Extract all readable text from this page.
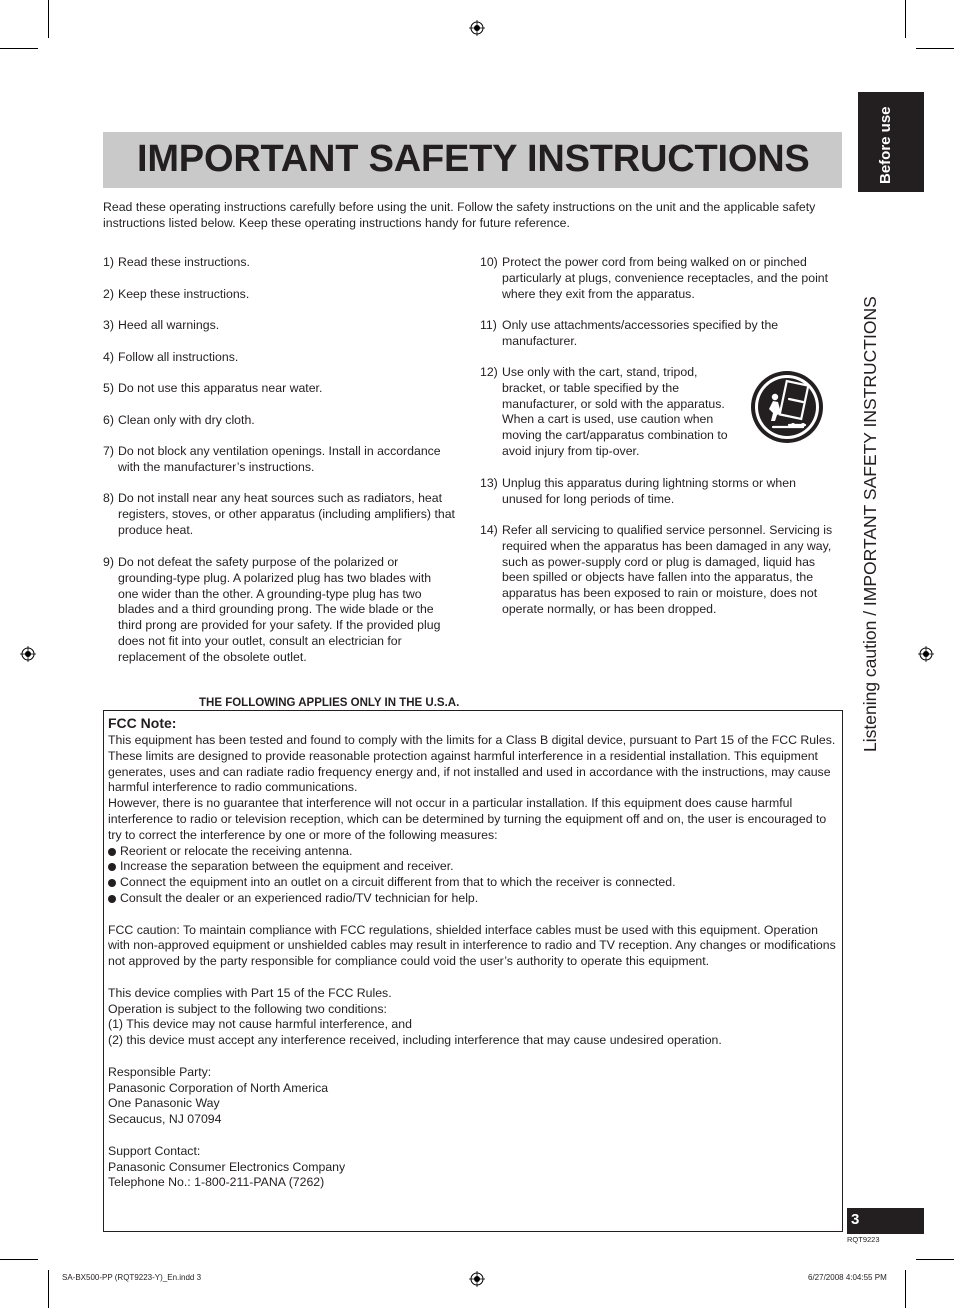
Before use
Listening caution / IMPORTANT SAFETY INSTRUCTIONS
IMPORTANT SAFETY INSTRUCTIONS
Read these operating instructions carefully before using the unit. Follow the safety instructions on the unit and the applicable safety instructions listed below. Keep these operating instructions handy for future reference.
1) Read these instructions.
2) Keep these instructions.
3) Heed all warnings.
4) Follow all instructions.
5) Do not use this apparatus near water.
6) Clean only with dry cloth.
7) Do not block any ventilation openings. Install in accordance with the manufacturer’s instructions.
8) Do not install near any heat sources such as radiators, heat registers, stoves, or other apparatus (including amplifiers) that produce heat.
9) Do not defeat the safety purpose of the polarized or grounding-type plug. A polarized plug has two blades with one wider than the other. A grounding-type plug has two blades and a third grounding prong. The wide blade or the third prong are provided for your safety. If the provided plug does not fit into your outlet, consult an electrician for replacement of the obsolete outlet.
10) Protect the power cord from being walked on or pinched particularly at plugs, convenience receptacles, and the point where they exit from the apparatus.
11) Only use attachments/accessories specified by the manufacturer.
12) Use only with the cart, stand, tripod, bracket, or table specified by the manufacturer, or sold with the apparatus. When a cart is used, use caution when moving the cart/apparatus combination to avoid injury from tip-over.
13) Unplug this apparatus during lightning storms or when unused for long periods of time.
14) Refer all servicing to qualified service personnel. Servicing is required when the apparatus has been damaged in any way, such as power-supply cord or plug is damaged, liquid has been spilled or objects have fallen into the apparatus, the apparatus has been exposed to rain or moisture, does not operate normally, or has been dropped.
THE FOLLOWING APPLIES ONLY IN THE U.S.A.
FCC Note:

This equipment has been tested and found to comply with the limits for a Class B digital device, pursuant to Part 15 of the FCC Rules.

These limits are designed to provide reasonable protection against harmful interference in a residential installation. This equipment generates, uses and can radiate radio frequency energy and, if not installed and used in accordance with the instructions, may cause harmful interference to radio communications.

However, there is no guarantee that interference will not occur in a particular installation. If this equipment does cause harmful interference to radio or television reception, which can be determined by turning the equipment off and on, the user is encouraged to try to correct the interference by one or more of the following measures:

Reorient or relocate the receiving antenna.
Increase the separation between the equipment and receiver.
Connect the equipment into an outlet on a circuit different from that to which the receiver is connected.
Consult the dealer or an experienced radio/TV technician for help.

FCC caution: To maintain compliance with FCC regulations, shielded interface cables must be used with this equipment. Operation with non-approved equipment or unshielded cables may result in interference to radio and TV reception. Any changes or modifications not approved by the party responsible for compliance could void the user’s authority to operate this equipment.

This device complies with Part 15 of the FCC Rules.

Operation is subject to the following two conditions:

(1) This device may not cause harmful interference, and

(2) this device must accept any interference received, including interference that may cause undesired operation.

Responsible Party:

Panasonic Corporation of North America

One Panasonic Way

Secaucus, NJ 07094

Support Contact:

Panasonic Consumer Electronics Company

Telephone No.: 1-800-211-PANA (7262)

3
RQT9223
SA-BX500-PP (RQT9223-Y)_En.indd 3	6/27/2008 4:04:55 PM
